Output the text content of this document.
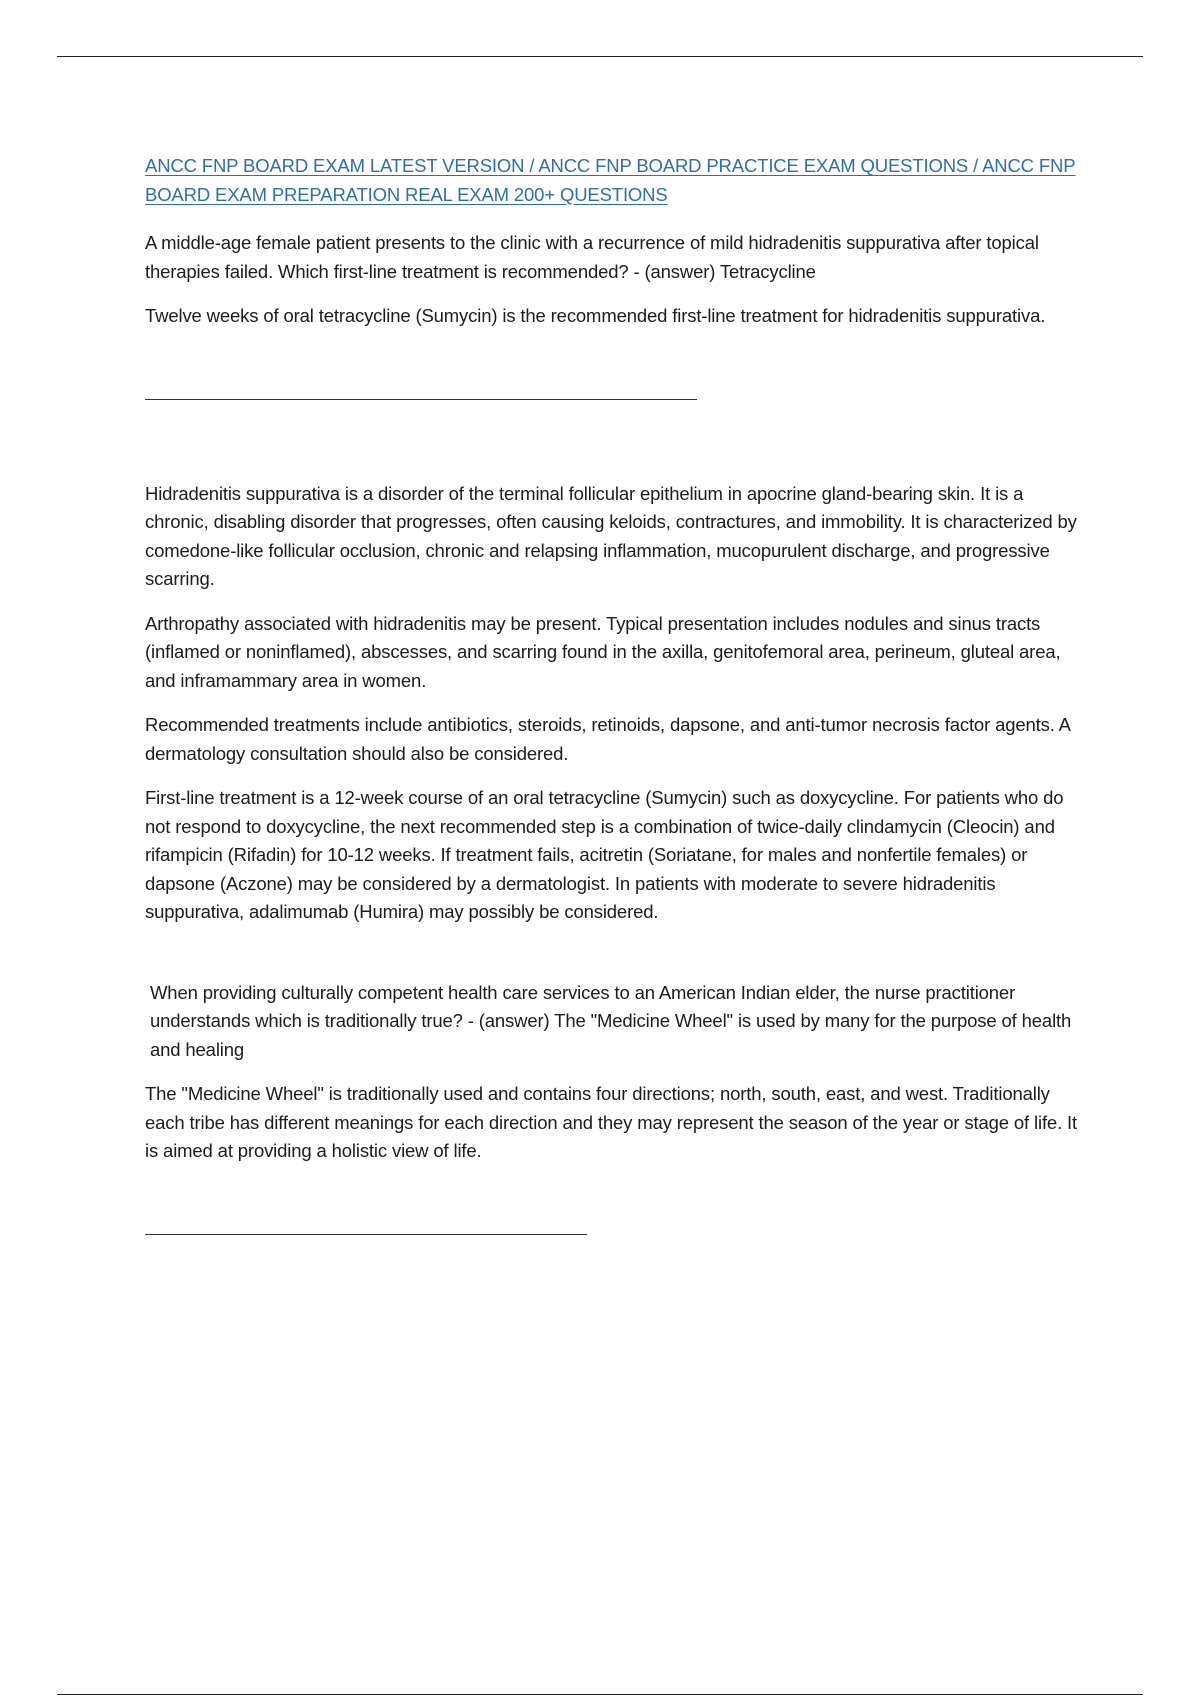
ANCC FNP BOARD EXAM LATEST VERSION / ANCC FNP BOARD PRACTICE EXAM QUESTIONS / ANCC FNP BOARD EXAM PREPARATION REAL EXAM 200+ QUESTIONS

A middle-age female patient presents to the clinic with a recurrence of mild hidradenitis suppurativa after topical therapies failed. Which first-line treatment is recommended? - (answer) Tetracycline

Twelve weeks of oral tetracycline (Sumycin) is the recommended first-line treatment for hidradenitis suppurativa.

Hidradenitis suppurativa is a disorder of the terminal follicular epithelium in apocrine gland-bearing skin. It is a chronic, disabling disorder that progresses, often causing keloids, contractures, and immobility. It is characterized by comedone-like follicular occlusion, chronic and relapsing inflammation, mucopurulent discharge, and progressive scarring.

Arthropathy associated with hidradenitis may be present. Typical presentation includes nodules and sinus tracts (inflamed or noninflamed), abscesses, and scarring found in the axilla, genitofemoral area, perineum, gluteal area, and inframammary area in women.

Recommended treatments include antibiotics, steroids, retinoids, dapsone, and anti-tumor necrosis factor agents. A dermatology consultation should also be considered.

First-line treatment is a 12-week course of an oral tetracycline (Sumycin) such as doxycycline. For patients who do not respond to doxycycline, the next recommended step is a combination of twice-daily clindamycin (Cleocin) and rifampicin (Rifadin) for 10-12 weeks. If treatment fails, acitretin (Soriatane, for males and nonfertile females) or dapsone (Aczone) may be considered by a dermatologist. In patients with moderate to severe hidradenitis suppurativa, adalimumab (Humira) may possibly be considered.

When providing culturally competent health care services to an American Indian elder, the nurse practitioner understands which is traditionally true? - (answer) The "Medicine Wheel" is used by many for the purpose of health and healing

The "Medicine Wheel" is traditionally used and contains four directions; north, south, east, and west. Traditionally each tribe has different meanings for each direction and they may represent the season of the year or stage of life. It is aimed at providing a holistic view of life.
